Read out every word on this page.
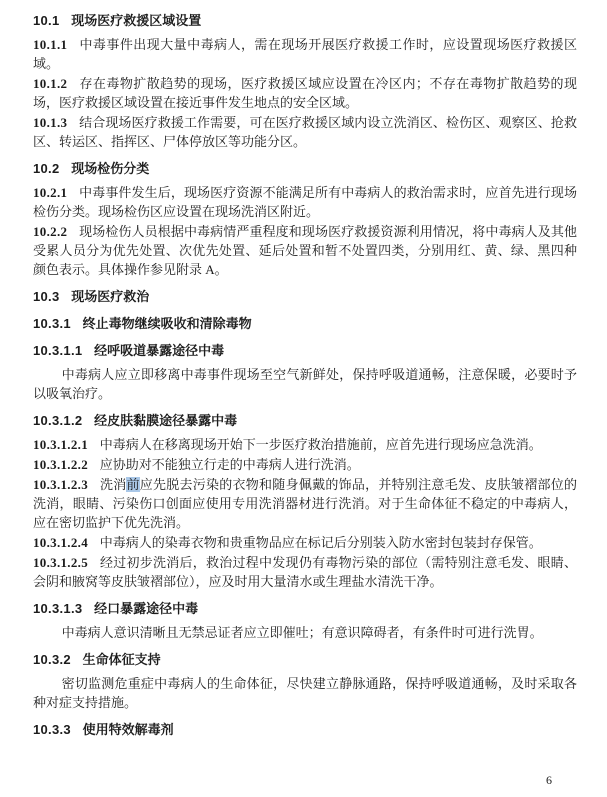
10.1 现场医疗救援区域设置

10.1.1 中毒事件出现大量中毒病人，需在现场开展医疗救援工作时，应设置现场医疗救援区域。

10.1.2 存在毒物扩散趋势的现场，医疗救援区域应设置在冷区内；不存在毒物扩散趋势的现场，医疗救援区域设置在接近事件发生地点的安全区域。

10.1.3 结合现场医疗救援工作需要，可在医疗救援区域内设立洗消区、检伤区、观察区、抢救区、转运区、指挥区、尸体停放区等功能分区。

10.2 现场检伤分类

10.2.1 中毒事件发生后，现场医疗资源不能满足所有中毒病人的救治需求时，应首先进行现场检伤分类。现场检伤区应设置在现场洗消区附近。

10.2.2 现场检伤人员根据中毒病情严重程度和现场医疗救援资源利用情况，将中毒病人及其他受累人员分为优先处置、次优先处置、延后处置和暂不处置四类，分别用红、黄、绿、黑四种颜色表示。具体操作参见附录 A。

10.3 现场医疗救治

10.3.1 终止毒物继续吸收和清除毒物

10.3.1.1 经呼吸道暴露途径中毒

中毒病人应立即移离中毒事件现场至空气新鲜处，保持呼吸道通畅，注意保暖，必要时予以吸氧治疗。

10.3.1.2 经皮肤黏膜途径暴露中毒

10.3.1.2.1 中毒病人在移离现场开始下一步医疗救治措施前，应首先进行现场应急洗消。

10.3.1.2.2 应协助对不能独立行走的中毒病人进行洗消。

10.3.1.2.3 洗消前应先脱去污染的衣物和随身佩戴的饰品，并特别注意毛发、皮肤皱褶部位的洗消，眼睛、污染伤口创面应使用专用洗消器材进行洗消。对于生命体征不稳定的中毒病人，应在密切监护下优先洗消。

10.3.1.2.4 中毒病人的染毒衣物和贵重物品应在标记后分别装入防水密封包装封存保管。

10.3.1.2.5 经过初步洗消后，救治过程中发现仍有毒物污染的部位（需特别注意毛发、眼睛、会阴和腋窝等皮肤皱褶部位），应及时用大量清水或生理盐水清洗干净。

10.3.1.3 经口暴露途径中毒

中毒病人意识清晰且无禁忌证者应立即催吐；有意识障碍者，有条件时可进行洗胃。

10.3.2 生命体征支持

密切监测危重症中毒病人的生命体征，尽快建立静脉通路，保持呼吸道通畅，及时采取各种对症支持措施。

10.3.3 使用特效解毒剂

6
